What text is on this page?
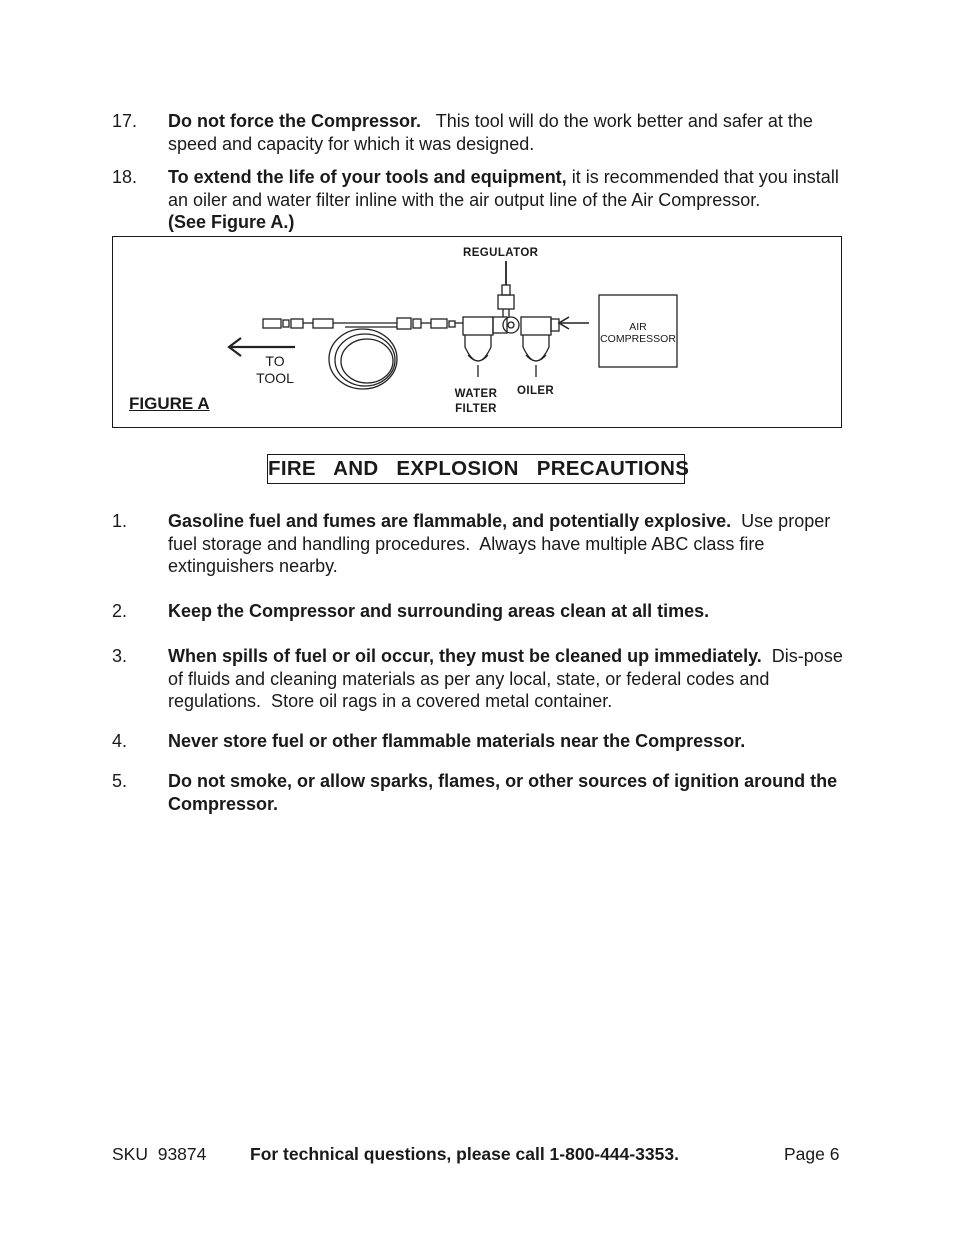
17. Do not force the Compressor.   This tool will do the work better and safer at the speed and capacity for which it was designed.
18. To extend the life of your tools and equipment, it is recommended that you install an oiler and water filter inline with the air output line of the Air Compressor.
(See Figure A.)
REGULATOR
AIR
COMPRESSOR
TO
TOOL
WATER
FILTER
OILER
FIGURE A
FIRE  AND  EXPLOSION  PRECAUTIONS
1. Gasoline fuel and fumes are flammable, and potentially explosive.  Use proper fuel storage and handling procedures.  Always have multiple ABC class fire extinguishers nearby.
2. Keep the Compressor and surrounding areas clean at all times.
3. When spills of fuel or oil occur, they must be cleaned up immediately.  Dis-pose of fluids and cleaning materials as per any local, state, or federal codes and regulations.  Store oil rags in a covered metal container.
4. Never store fuel or other flammable materials near the Compressor.
5. Do not smoke, or allow sparks, flames, or other sources of ignition around the Compressor.
SKU  93874 For technical questions, please call 1-800-444-3353.	Page 6
